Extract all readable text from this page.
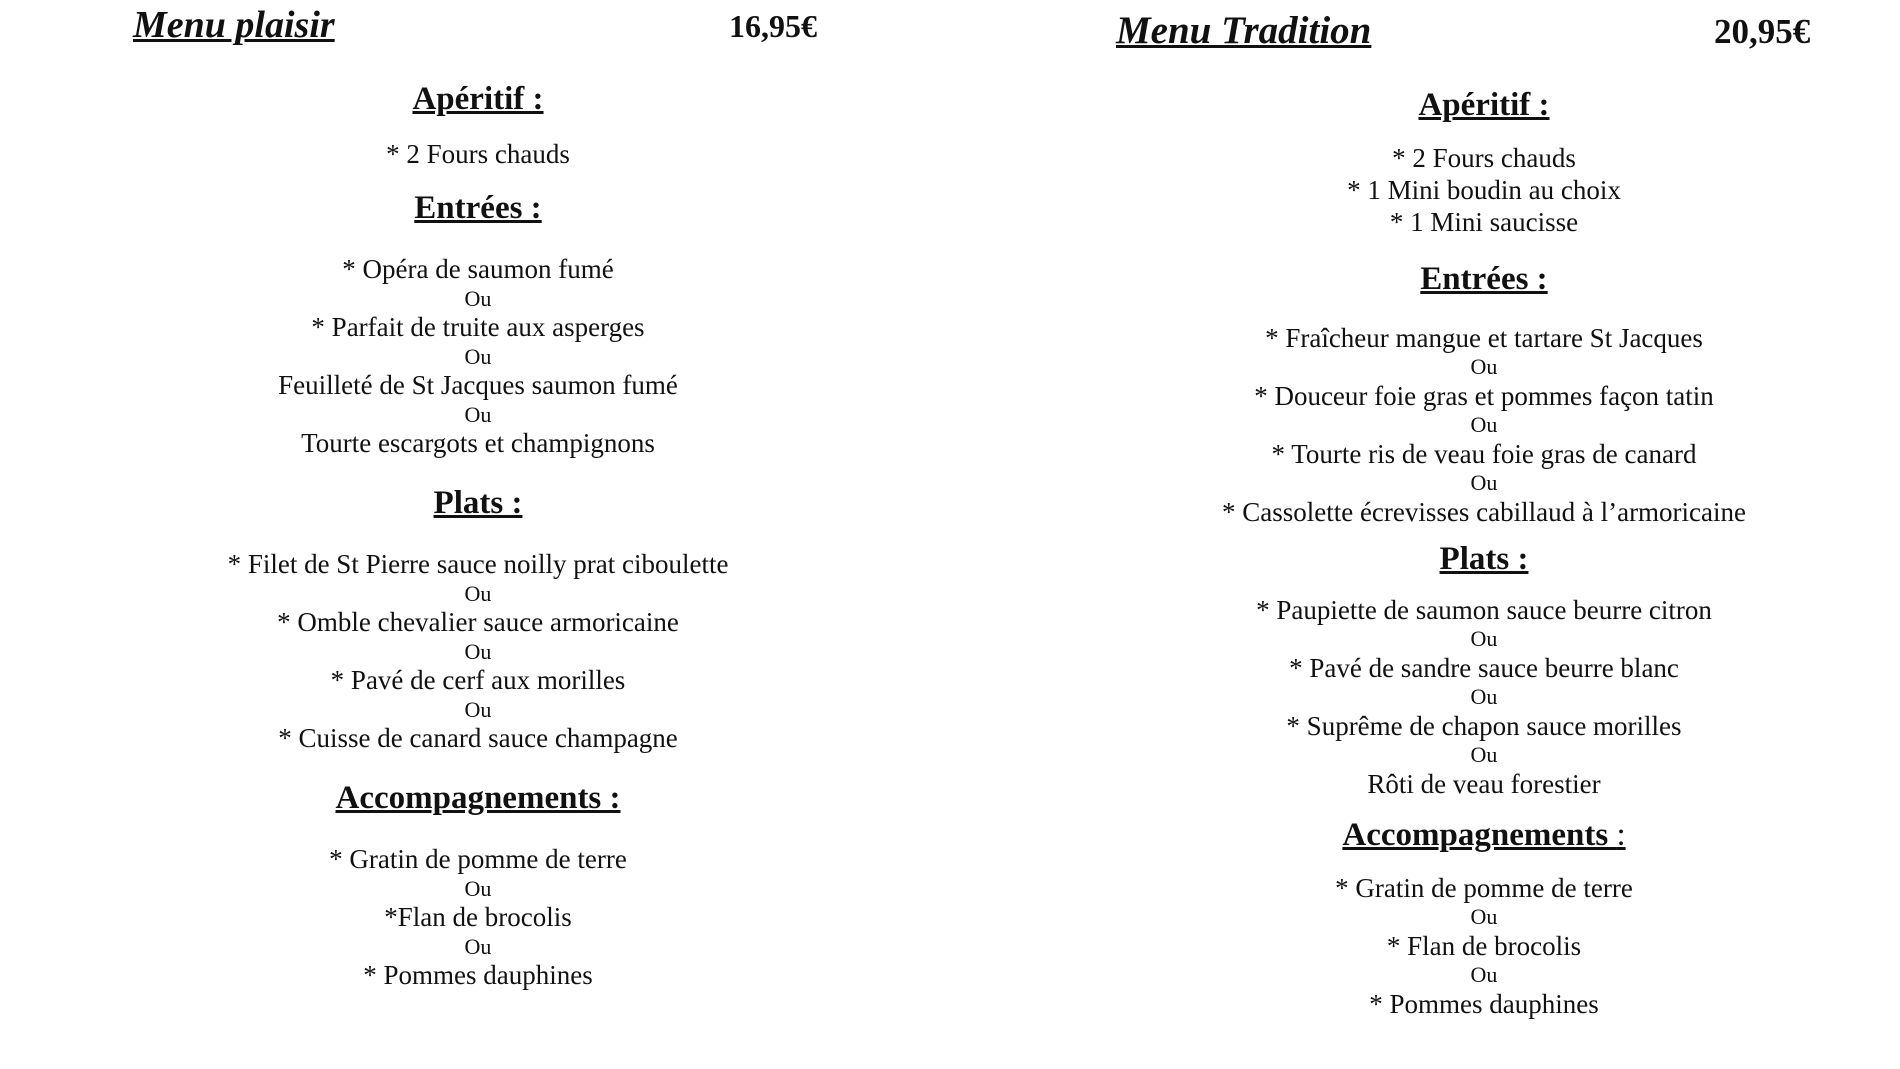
Menu plaisir	16,95€
Apéritif :
* 2 Fours chauds
Entrées :
* Opéra de saumon fumé
Ou
* Parfait de truite aux asperges
Ou
Feuilleté de St Jacques saumon fumé
Ou
Tourte escargots et champignons
Plats :
* Filet de St Pierre sauce noilly prat ciboulette
Ou
* Omble chevalier sauce armoricaine
Ou
* Pavé de cerf aux morilles
Ou
* Cuisse de canard sauce champagne
Accompagnements :
* Gratin de pomme de terre
Ou
*Flan de brocolis
Ou
* Pommes dauphines
Menu Tradition	20,95€
Apéritif :
* 2 Fours chauds
* 1 Mini boudin au choix
* 1 Mini saucisse
Entrées :
* Fraîcheur mangue et tartare St Jacques
Ou
* Douceur foie gras et pommes façon tatin
Ou
* Tourte ris de veau foie gras de canard
Ou
* Cassolette écrevisses cabillaud à l’armoricaine
Plats :
* Paupiette de saumon sauce beurre citron
Ou
* Pavé de sandre sauce beurre blanc
Ou
* Suprême de chapon sauce morilles
Ou
Rôti de veau forestier
Accompagnements :
* Gratin de pomme de terre
Ou
* Flan de brocolis
Ou
* Pommes dauphines
